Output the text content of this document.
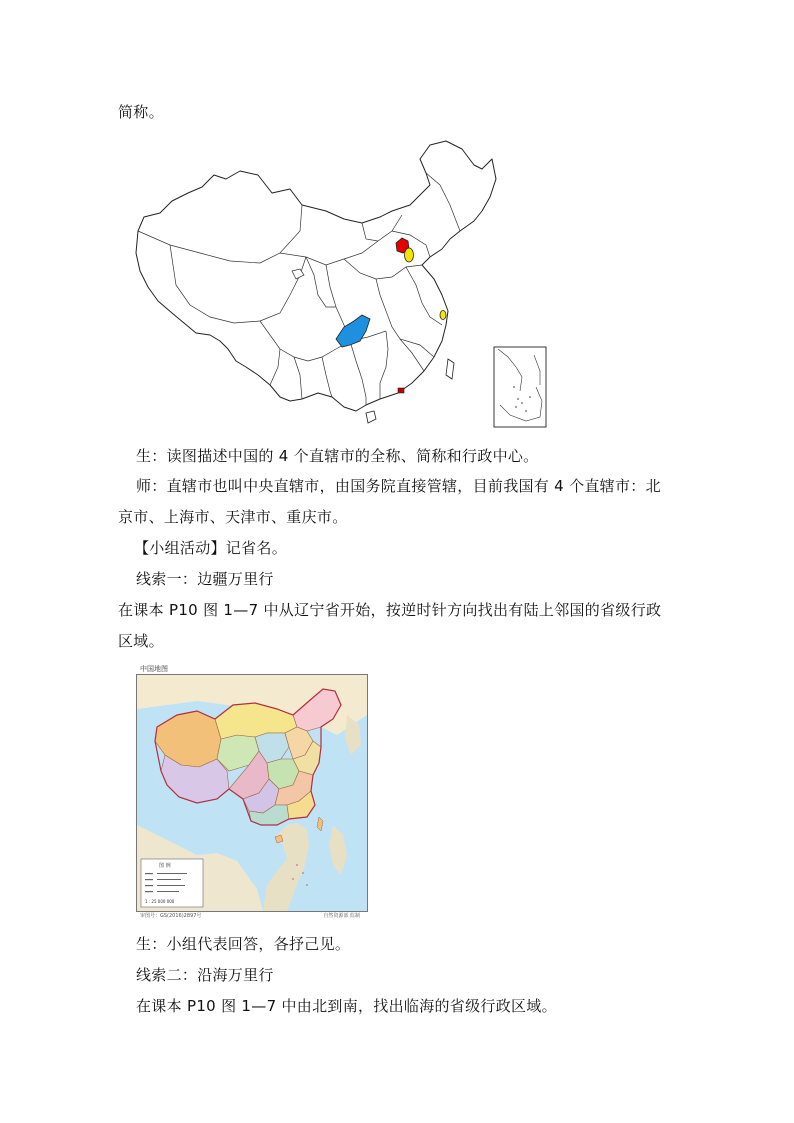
简称。
生：读图描述中国的 4 个直辖市的全称、简称和行政中心。
师：直辖市也叫中央直辖市，由国务院直接管辖，目前我国有 4 个直辖市：北
京市、上海市、天津市、重庆市。
【小组活动】记省名。
线索一：边疆万里行
在课本 P10 图 1—7 中从辽宁省开始，按逆时针方向找出有陆上邻国的省级行政
区域。
中国地图
图 例
1 : 25 000 000
审图号：GS(2016)2897号	自然资源部 监制
生：小组代表回答，各抒己见。
线索二：沿海万里行
在课本 P10 图 1—7 中由北到南，找出临海的省级行政区域。
